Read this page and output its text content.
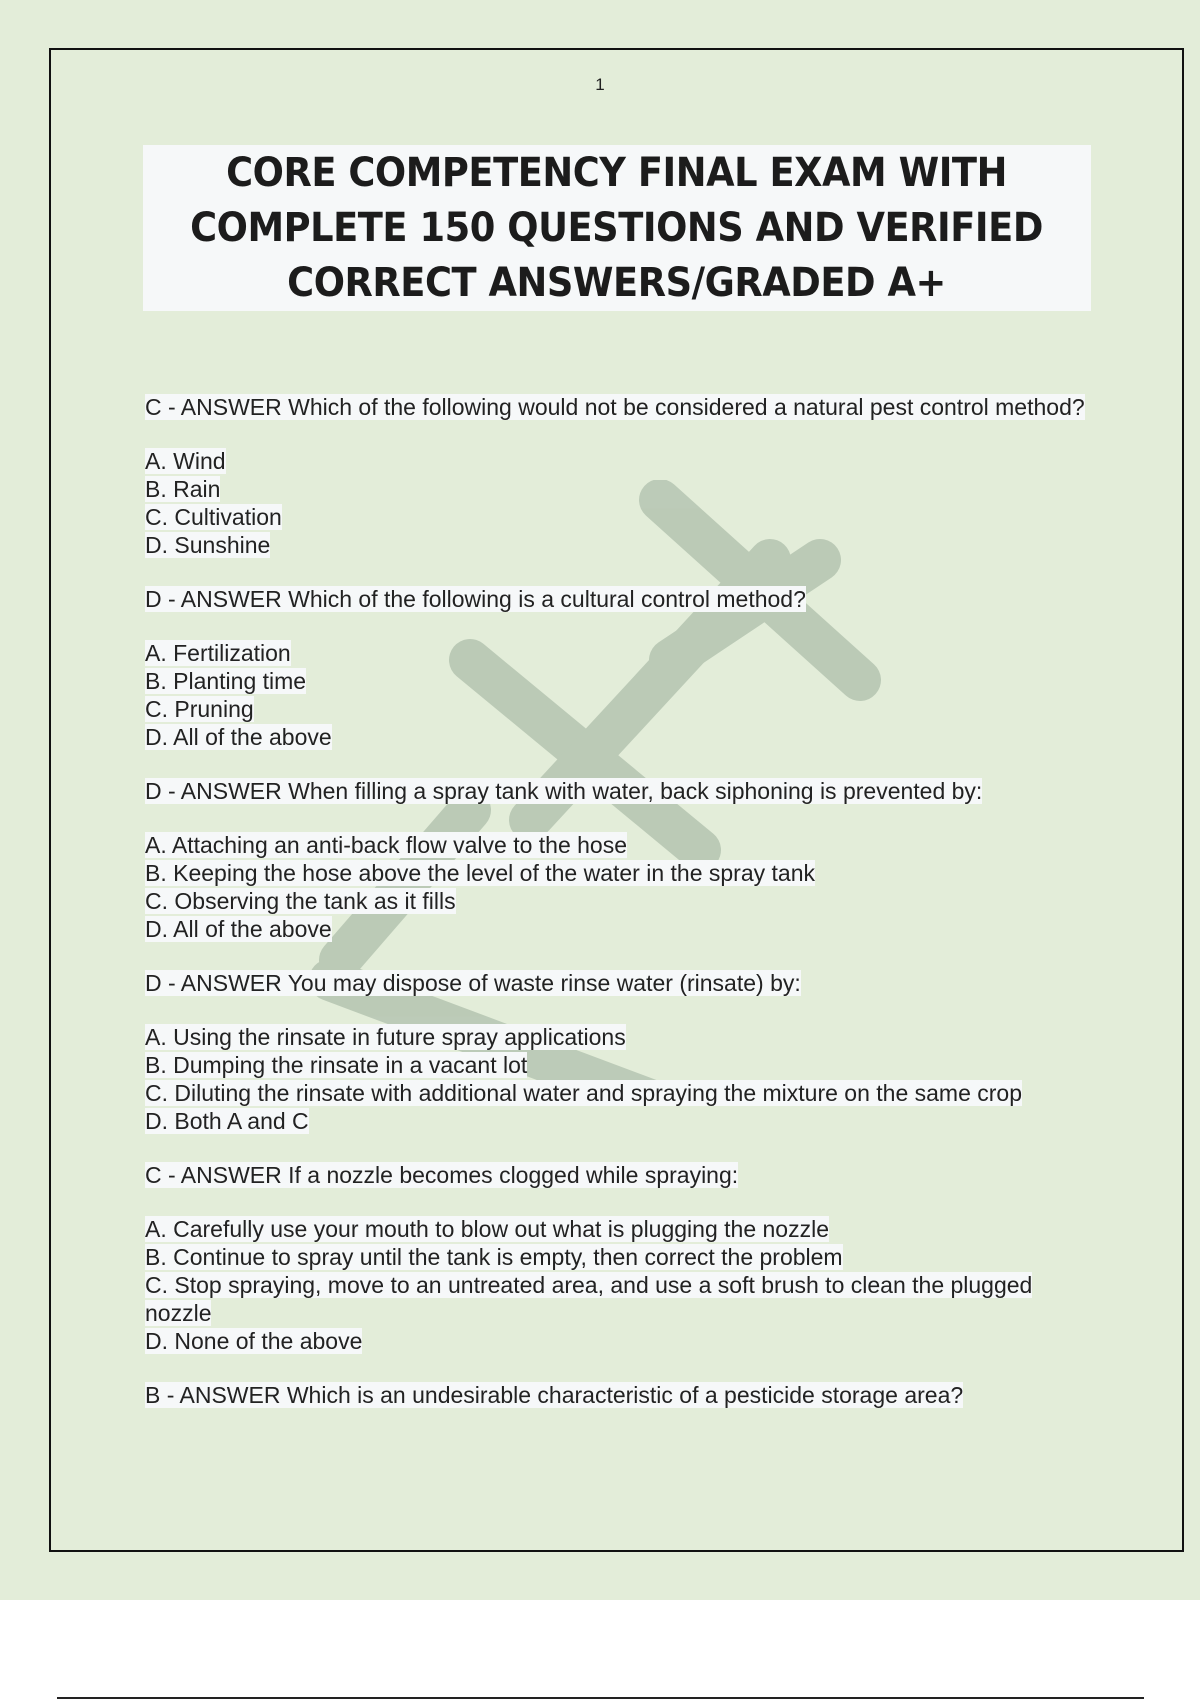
1
CORE COMPETENCY FINAL EXAM WITH
COMPLETE 150 QUESTIONS AND VERIFIED
CORRECT ANSWERS/GRADED A+
C - ANSWER Which of the following would not be considered a natural pest control method?
A. Wind
B. Rain
C. Cultivation
D. Sunshine
D - ANSWER Which of the following is a cultural control method?
A. Fertilization
B. Planting time
C. Pruning
D. All of the above
D - ANSWER When filling a spray tank with water, back siphoning is prevented by:
A. Attaching an anti-back flow valve to the hose
B. Keeping the hose above the level of the water in the spray tank
C. Observing the tank as it fills
D. All of the above
D - ANSWER You may dispose of waste rinse water (rinsate) by:
A. Using the rinsate in future spray applications
B. Dumping the rinsate in a vacant lot
C. Diluting the rinsate with additional water and spraying the mixture on the same crop
D. Both A and C
C - ANSWER If a nozzle becomes clogged while spraying:
A. Carefully use your mouth to blow out what is plugging the nozzle
B. Continue to spray until the tank is empty, then correct the problem
C. Stop spraying, move to an untreated area, and use a soft brush to clean the plugged nozzle
D. None of the above
B - ANSWER Which is an undesirable characteristic of a pesticide storage area?
